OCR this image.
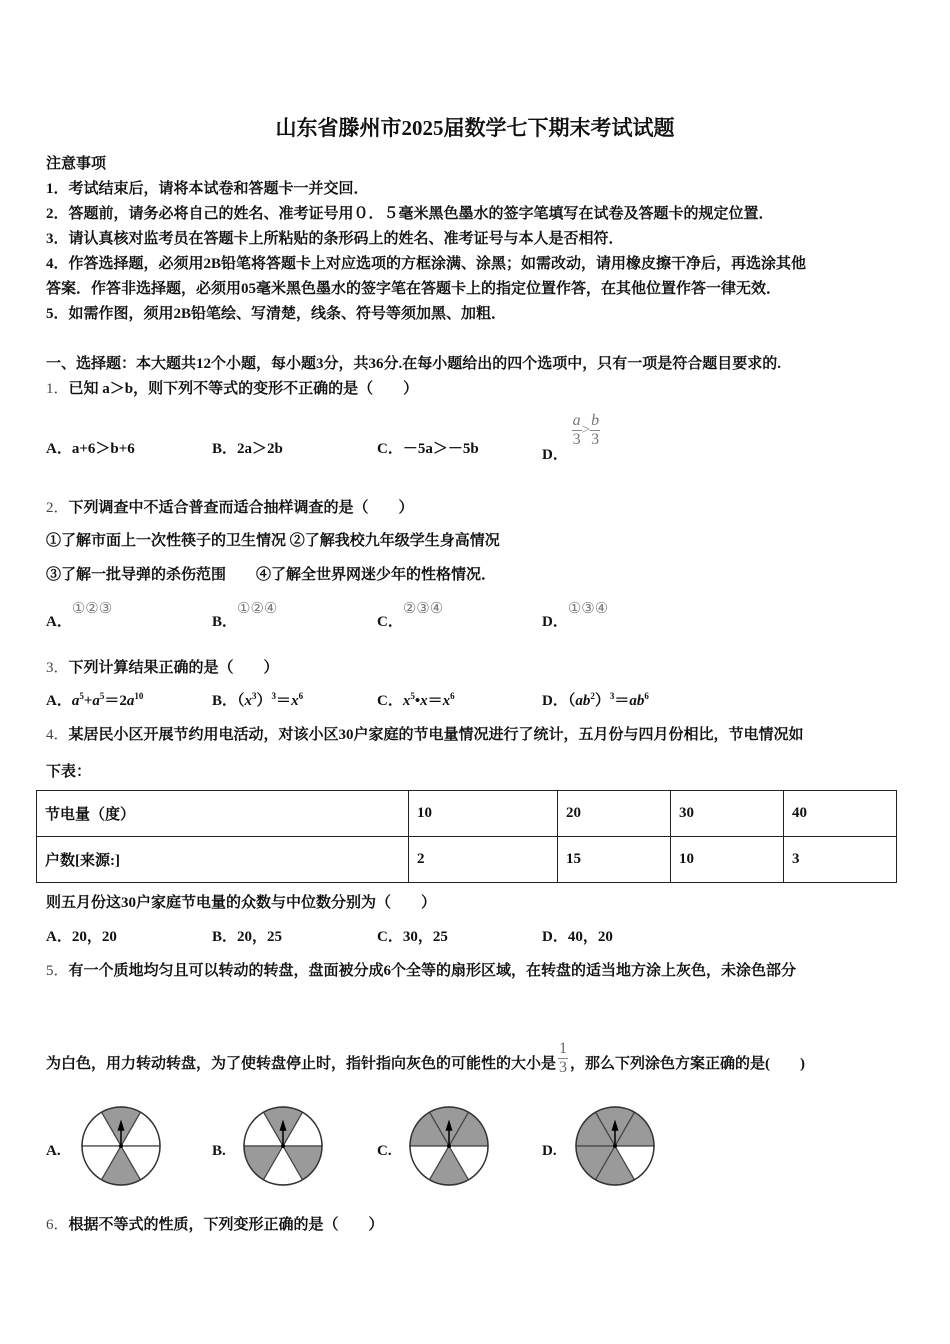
山东省滕州市2025届数学七下期末考试试题
注意事项
1．考试结束后，请将本试卷和答题卡一并交回．
2．答题前，请务必将自己的姓名、准考证号用０．５毫米黑色墨水的签字笔填写在试卷及答题卡的规定位置．
3．请认真核对监考员在答题卡上所粘贴的条形码上的姓名、准考证号与本人是否相符．
4．作答选择题，必须用2B铅笔将答题卡上对应选项的方框涂满、涂黑；如需改动，请用橡皮擦干净后，再选涂其他
答案．作答非选择题，必须用05毫米黑色墨水的签字笔在答题卡上的指定位置作答，在其他位置作答一律无效．
5．如需作图，须用2B铅笔绘、写清楚，线条、符号等须加黑、加粗．
一、选择题：本大题共12个小题，每小题3分，共36分.在每小题给出的四个选项中，只有一项是符合题目要求的.
1．已知 a＞b，则下列不等式的变形不正确的是（　　）
A．a+6＞b+6	B．2a＞2b	C．－5a＞－5b	D．
$\frac{a}{3} > \frac{b}{3}$
2．下列调查中不适合普查而适合抽样调查的是（　　）
①了解市面上一次性筷子的卫生情况 ②了解我校九年级学生身高情况
③了解一批导弹的杀伤范围　　④了解全世界网迷少年的性格情况．
A．①②③
B．①②④
C．②③④
D．①③④
3．下列计算结果正确的是（　　）
A．$a^5+a^5=2a^{10}$	B．$(x^3)^3=x^6$	C．$x^5•x=x^6$	D．$(ab^2)^3=ab^6$
4．某居民小区开展节约用电活动，对该小区30户家庭的节电量情况进行了统计，五月份与四月份相比，节电情况如
下表：
节电量（度）	10	20	30	40
户数[来源:]	2	15	10	3
则五月份这30户家庭节电量的众数与中位数分别为（　　）
A．20，20	B．20，25	C．30，25	D．40，20
5．有一个质地均匀且可以转动的转盘，盘面被分成6个全等的扇形区域，在转盘的适当地方涂上灰色，未涂色部分
为白色，用力转动转盘，为了使转盘停止时，指针指向灰色的可能性的大小是 $\frac{1}{3}$ ，那么下列涂色方案正确的是(　　)
A.	B.	C.	D.
6．根据不等式的性质，下列变形正确的是（　　）
